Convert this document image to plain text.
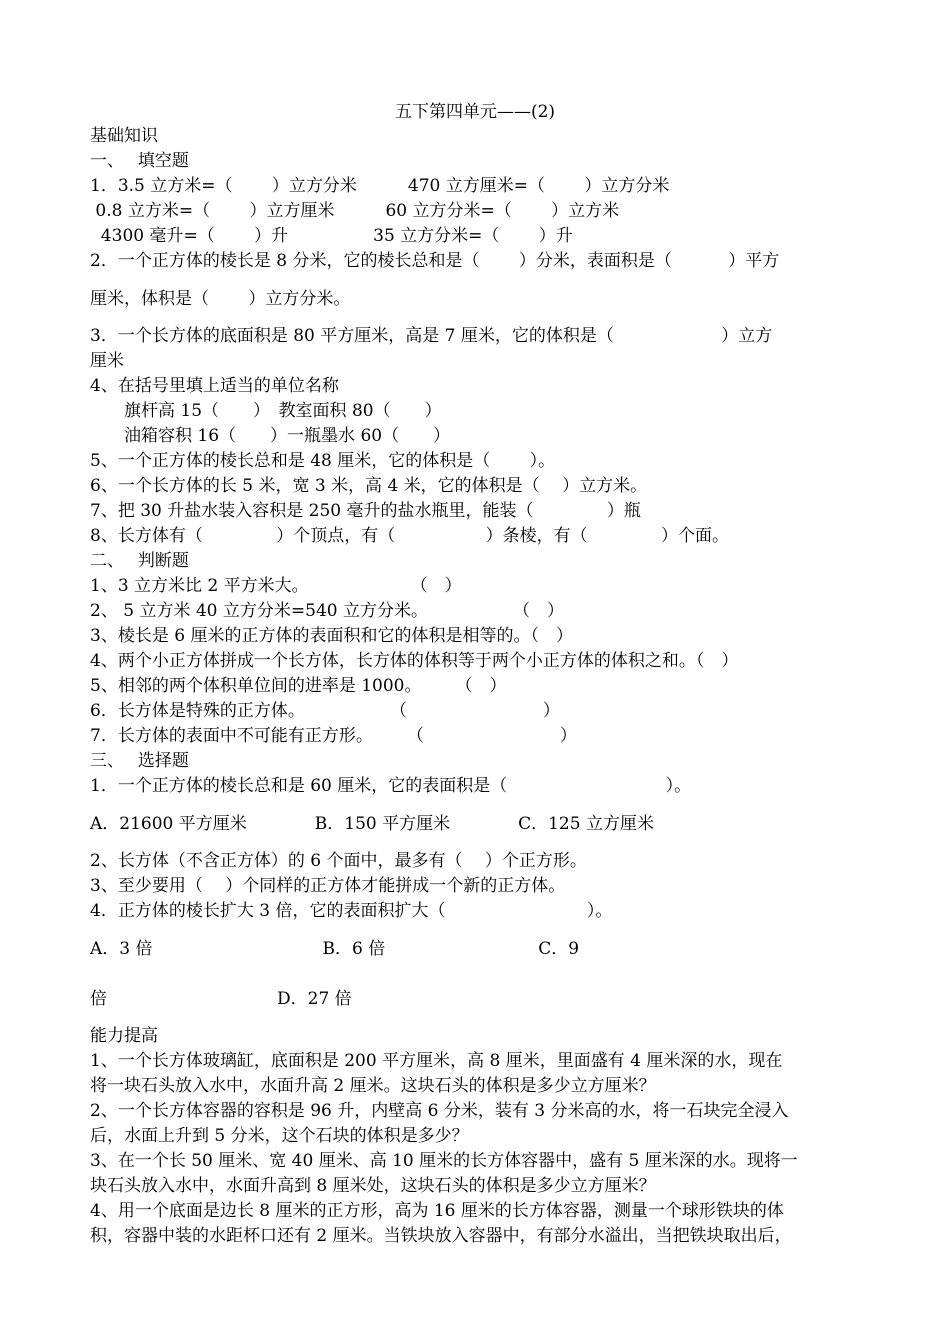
五下第四单元——(2)
基础知识
一、　 填空题
1．3.5 立方米=（　　 ）立方分米　　　470 立方厘米=（　　 ）立方分米
0.8 立方米=（　　 ）立方厘米　　　60 立方分米=（　　 ）立方米
4300 毫升=（　　 ）升　　　　　35 立方分米=（　　 ）升
2．一个正方体的棱长是 8 分米，它的棱长总和是（　　 ）分米，表面积是（　　　 ）平方
厘米，体积是（　　 ）立方分米。
3．一个长方体的底面积是 80 平方厘米，高是 7 厘米，它的体积是（　　　　　　 ）立方
厘米
4、在括号里填上适当的单位名称
　　旗杆高 15（　　）　教室面积 80（　　）
　　油箱容积 16（　　）一瓶墨水 60（　　）
5、一个正方体的棱长总和是 48 厘米，它的体积是（　　 ）。
6、一个长方体的长 5 米，宽 3 米，高 4 米，它的体积是（　 ）立方米。
7、把 30 升盐水装入容积是 250 毫升的盐水瓶里，能装（　　　　 ）瓶
8、长方体有（　　　　 ）个顶点，有（　　　　　 ）条棱，有（　　　　 ）个面。
二、　 判断题
1、3 立方米比 2 平方米大。　　　　　　　（　）
2、 5 立方米 40 立方分米=540 立方分米。　　　　　　（　）
3、棱长是 6 厘米的正方体的表面积和它的体积是相等的。（　）
4、两个小正方体拼成一个长方体，长方体的体积等于两个小正方体的体积之和。（　）
5、相邻的两个体积单位间的进率是 1000。　　　（　）
6．长方体是特殊的正方体。　　　　　　（　　　　　　　　）
7．长方体的表面中不可能有正方形。　　　（　　　　　　　　）
三、　 选择题
1．一个正方体的棱长总和是 60 厘米，它的表面积是（　　　　　　　　　 ）。
A．21600 平方厘米　　　　B．150 平方厘米　　　　C．125 立方厘米
2、长方体（不含正方体）的 6 个面中，最多有（　 ）个正方形。
3、至少要用（　 ）个同样的正方体才能拼成一个新的正方体。
4．正方体的棱长扩大 3 倍，它的表面积扩大（　　　　　　　　 ）。
A．3 倍　　　　　　　　　　B．6 倍　　　　　　　　　C．9
倍　　　　　　　　　　D．27 倍
能力提高
1、一个长方体玻璃缸，底面积是 200 平方厘米，高 8 厘米，里面盛有 4 厘米深的水，现在
将一块石头放入水中，水面升高 2 厘米。这块石头的体积是多少立方厘米？
2、一个长方体容器的容积是 96 升，内壁高 6 分米，装有 3 分米高的水，将一石块完全浸入
后，水面上升到 5 分米，这个石块的体积是多少？
3、在一个长 50 厘米、宽 40 厘米、高 10 厘米的长方体容器中，盛有 5 厘米深的水。现将一
块石头放入水中，水面升高到 8 厘米处，这块石头的体积是多少立方厘米？
4、用一个底面是边长 8 厘米的正方形，高为 16 厘米的长方体容器，测量一个球形铁块的体
积，容器中装的水距杯口还有 2 厘米。当铁块放入容器中，有部分水溢出，当把铁块取出后，
